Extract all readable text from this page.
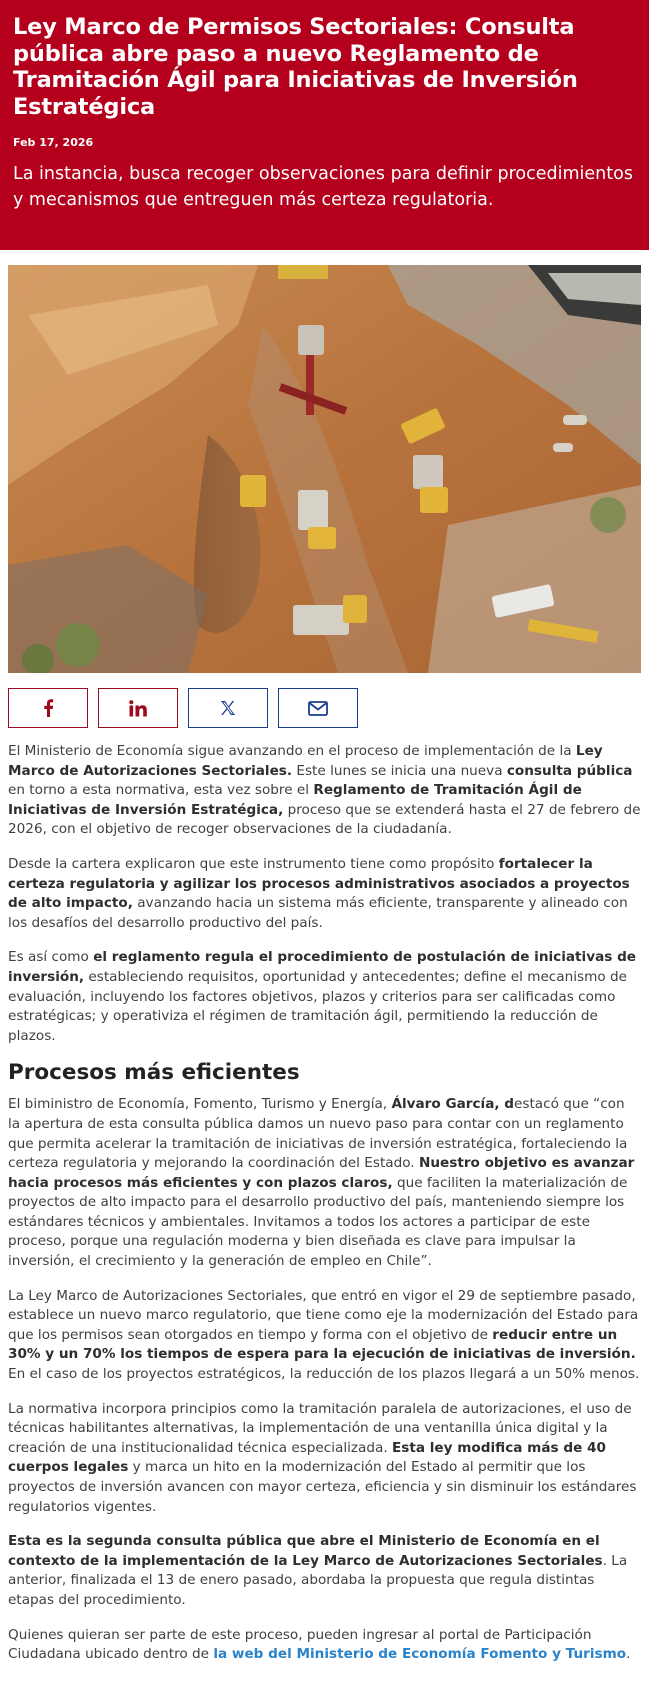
Ley Marco de Permisos Sectoriales: Consulta pública abre paso a nuevo Reglamento de Tramitación Ágil para Iniciativas de Inversión Estratégica
Feb 17, 2026
La instancia, busca recoger observaciones para definir procedimientos y mecanismos que entreguen más certeza regulatoria.

El Ministerio de Economía sigue avanzando en el proceso de implementación de la Ley Marco de Autorizaciones Sectoriales. Este lunes se inicia una nueva consulta pública en torno a esta normativa, esta vez sobre el Reglamento de Tramitación Ágil de Iniciativas de Inversión Estratégica, proceso que se extenderá hasta el 27 de febrero de 2026, con el objetivo de recoger observaciones de la ciudadanía.

Desde la cartera explicaron que este instrumento tiene como propósito fortalecer la certeza regulatoria y agilizar los procesos administrativos asociados a proyectos de alto impacto, avanzando hacia un sistema más eficiente, transparente y alineado con los desafíos del desarrollo productivo del país.

Es así como el reglamento regula el procedimiento de postulación de iniciativas de inversión, estableciendo requisitos, oportunidad y antecedentes; define el mecanismo de evaluación, incluyendo los factores objetivos, plazos y criterios para ser calificadas como estratégicas; y operativiza el régimen de tramitación ágil, permitiendo la reducción de plazos.

Procesos más eficientes

El biministro de Economía, Fomento, Turismo y Energía, Álvaro García, destacó que “con la apertura de esta consulta pública damos un nuevo paso para contar con un reglamento que permita acelerar la tramitación de iniciativas de inversión estratégica, fortaleciendo la certeza regulatoria y mejorando la coordinación del Estado. Nuestro objetivo es avanzar hacia procesos más eficientes y con plazos claros, que faciliten la materialización de proyectos de alto impacto para el desarrollo productivo del país, manteniendo siempre los estándares técnicos y ambientales. Invitamos a todos los actores a participar de este proceso, porque una regulación moderna y bien diseñada es clave para impulsar la inversión, el crecimiento y la generación de empleo en Chile”.

La Ley Marco de Autorizaciones Sectoriales, que entró en vigor el 29 de septiembre pasado, establece un nuevo marco regulatorio, que tiene como eje la modernización del Estado para que los permisos sean otorgados en tiempo y forma con el objetivo de reducir entre un 30% y un 70% los tiempos de espera para la ejecución de iniciativas de inversión. En el caso de los proyectos estratégicos, la reducción de los plazos llegará a un 50% menos.

La normativa incorpora principios como la tramitación paralela de autorizaciones, el uso de técnicas habilitantes alternativas, la implementación de una ventanilla única digital y la creación de una institucionalidad técnica especializada. Esta ley modifica más de 40 cuerpos legales y marca un hito en la modernización del Estado al permitir que los proyectos de inversión avancen con mayor certeza, eficiencia y sin disminuir los estándares regulatorios vigentes.

Esta es la segunda consulta pública que abre el Ministerio de Economía en el contexto de la implementación de la Ley Marco de Autorizaciones Sectoriales. La anterior, finalizada el 13 de enero pasado, abordaba la propuesta que regula distintas etapas del procedimiento.

Quienes quieran ser parte de este proceso, pueden ingresar al portal de Participación Ciudadana ubicado dentro de la web del Ministerio de Economía Fomento y Turismo.
